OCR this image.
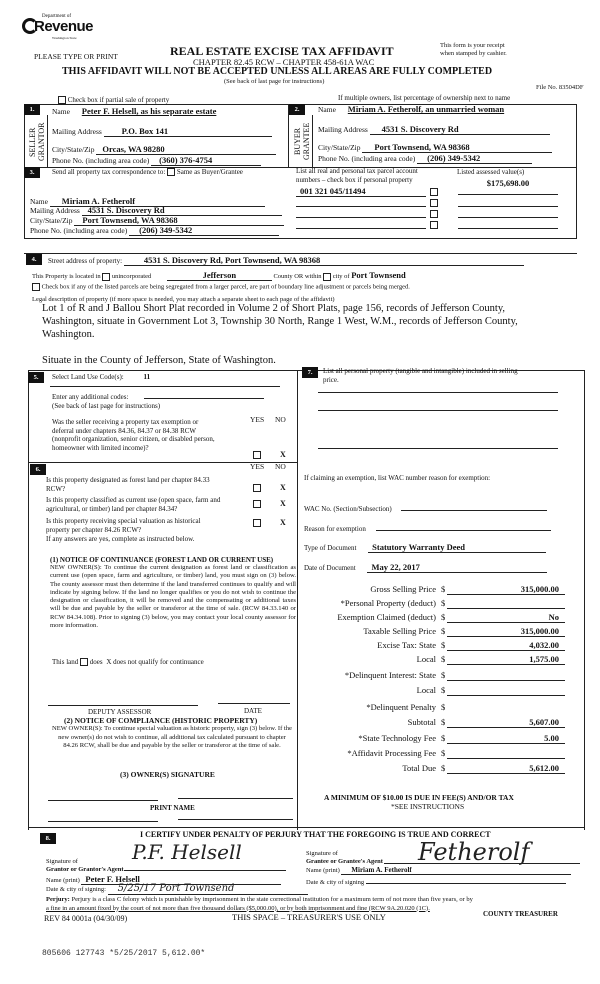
Department of
Revenue
Washington State
PLEASE TYPE OR PRINT	REAL ESTATE EXCISE TAX AFFIDAVIT
CHAPTER 82.45 RCW – CHAPTER 458-61A WAC
This form is your receipt
when stamped by cashier.
THIS AFFIDAVIT WILL NOT BE ACCEPTED UNLESS ALL AREAS ARE FULLY COMPLETED
(See back of last page for instructions)
File No. 83504DF
Check box if partial sale of property	If multiple owners, list percentage of ownership next to name
1.
SELLER
GRANTOR
Name Peter F. Helsell, as his separate estate
Mailing Address P.O. Box 141
City/State/Zip Orcas, WA 98280
Phone No. (including area code) (360) 376-4754
2.
BUYER
GRANTEE
Name Miriam A. Fetherolf, an unmarried woman
Mailing Address 4531 S. Discovery Rd
City/State/Zip Port Townsend, WA 98368
Phone No. (including area code) (206) 349-5342
3.	Send all property tax correspondence to: Same as Buyer/Grantee
Name Miriam A. Fetherolf
Mailing Address 4531 S. Discovery Rd
City/State/Zip Port Townsend, WA 98368
Phone No. (including area code) (206) 349-5342
List all real and personal tax parcel account
numbers – check box if personal property
Listed assessed value(s)
001 321 045/11494
$175,698.00
4.	Street address of property:	4531 S. Discovery Rd, Port Townsend, WA 98368
This Property is located in unincorporated	Jefferson	County OR within city of Port Townsend
Check box if any of the listed parcels are being segregated from a larger parcel, are part of boundary line adjustment or parcels being merged.
Legal description of property (if more space is needed, you may attach a separate sheet to each page of the affidavit)
Lot 1 of R and J Ballou Short Plat recorded in Volume 2 of Short Plats, page 156, records of Jefferson County,
Washington, situate in Government Lot 3, Township 30 North, Range 1 West, W.M., records of Jefferson County,
Washington.
Situate in the County of Jefferson, State of Washington.
5.	Select Land Use Code(s):	11
Enter any additional codes:
(See back of last page for instructions)
YES NO
Was the seller receiving a property tax exemption or
deferral under chapters 84.36, 84.37 or 84.38 RCW
(nonprofit organization, senior citizen, or disabled person,
homeowner with limited income)?
X
6.	YES NO
Is this property designated as forest land per chapter 84.33
RCW?	X
Is this property classified as current use (open space, farm and
agricultural, or timber) land per chapter 84.34?
X
Is this property receiving special valuation as historical
property per chapter 84.26 RCW?
X
If any answers are yes, complete as instructed below.
(1) NOTICE OF CONTINUANCE (FOREST LAND OR CURRENT USE)
NEW OWNER(S): To continue the current designation as forest land or classification as current use (open space, farm and agriculture, or timber) land, you must sign on (3) below. The county assessor must then determine if the land transferred continues to qualify and will indicate by signing below. If the land no longer qualifies or you do not wish to continue the designation or classification, it will be removed and the compensating or additional taxes will be due and payable by the seller or transferor at the time of sale. (RCW 84.33.140 or RCW 84.34.108). Prior to signing (3) below, you may contact your local county assessor for more information.
This land does X does not qualify for continuance
DEPUTY ASSESSOR	DATE
(2) NOTICE OF COMPLIANCE (HISTORIC PROPERTY)
NEW OWNER(S): To continue special valuation as historic property, sign (3) below. If the new owner(s) do not wish to continue, all additional tax calculated pursuant to chapter 84.26 RCW, shall be due and payable by the seller or transferor at the time of sale.
(3) OWNER(S) SIGNATURE
PRINT NAME
7.	List all personal property (tangible and intangible) included in selling
price.
If claiming an exemption, list WAC number reason for exemption:
WAC No. (Section/Subsection)
Reason for exemption
Type of Document Statutory Warranty Deed
Date of Document May 22, 2017
Gross Selling Price $	315,000.00
*Personal Property (deduct) $
Exemption Claimed (deduct) $	No
Taxable Selling Price $	315,000.00
Excise Tax: State $	4,032.00
Local $	1,575.00
*Delinquent Interest: State $
Local $
*Delinquent Penalty $
Subtotal $	5,607.00
*State Technology Fee $	5.00
*Affidavit Processing Fee $
Total Due $	5,612.00
A MINIMUM OF $10.00 IS DUE IN FEE(S) AND/OR TAX
*SEE INSTRUCTIONS
8.	I CERTIFY UNDER PENALTY OF PERJURY THAT THE FOREGOING IS TRUE AND CORRECT
P.F. Helsell
Signature of
Grantor or Grantor's Agent
Name (print) Peter F. Helsell
Date & city of signing: 5/25/17 Port Townsend
Fetherolf
Signature of
Grantee or Grantee's Agent
Name (print) Miriam A. Fetherolf
Date & city of signing
Perjury: Perjury is a class C felony which is punishable by imprisonment in the state correctional institution for a maximum term of not more than five years, or by
a fine in an amount fixed by the court of not more than five thousand dollars ($5,000.00), or by both imprisonment and fine (RCW 9A.20.020 (1C).
REV 84 0001a (04/30/09)	THIS SPACE – TREASURER'S USE ONLY	COUNTY TREASURER
805606 127743 *5/25/2017 5,612.00*
